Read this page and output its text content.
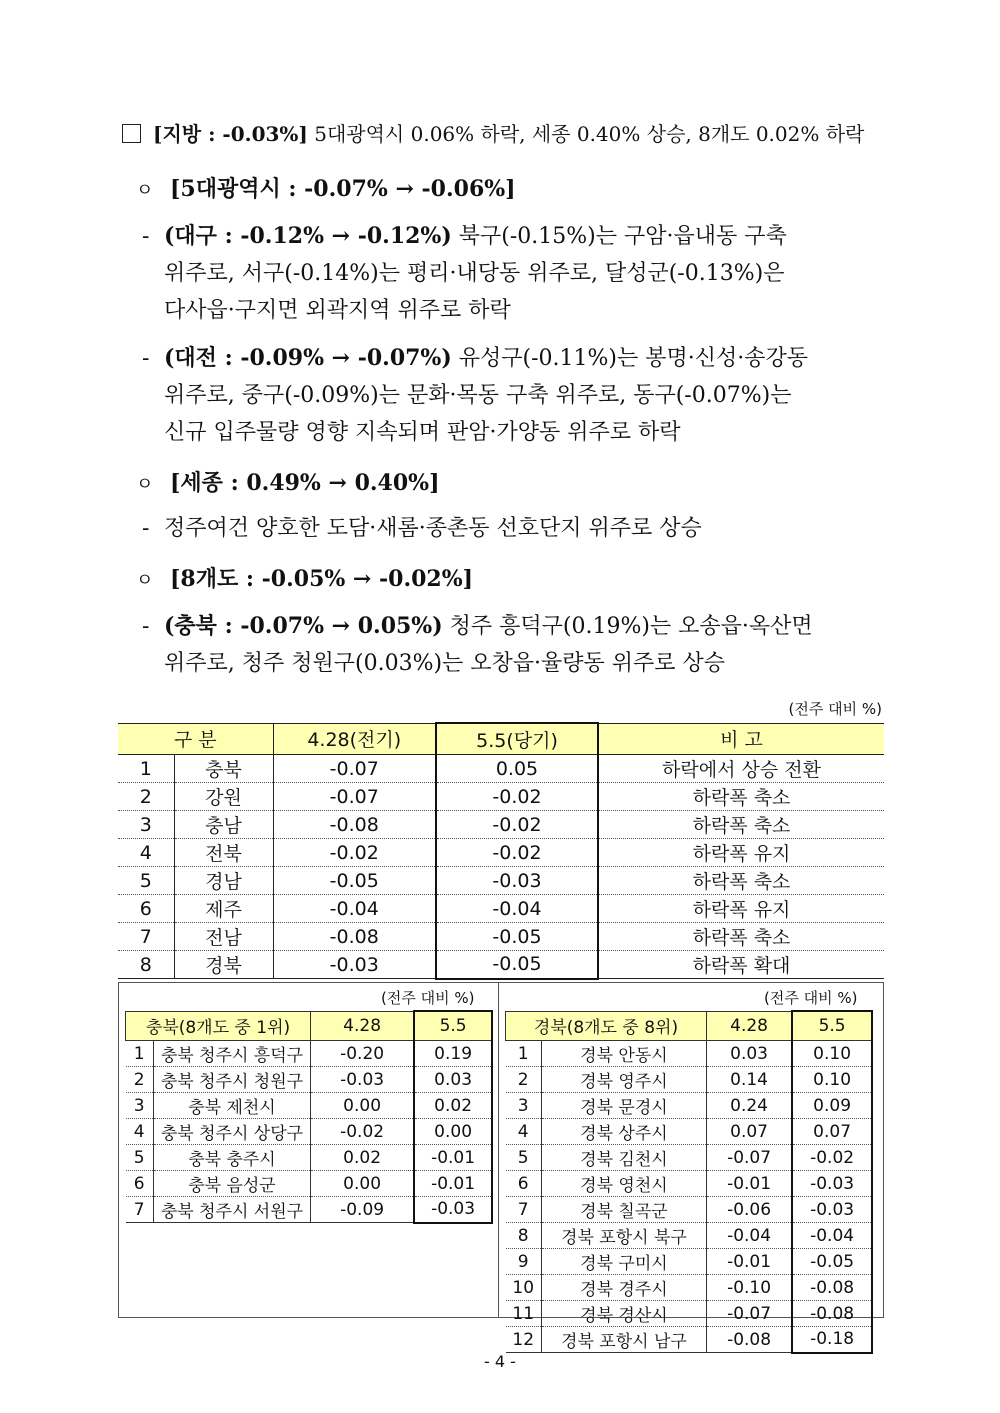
[지방 : -0.03%] 5대광역시 0.06% 하락, 세종 0.40% 상승, 8개도 0.02% 하락
ㅇ [5대광역시 : -0.07% → -0.06%]
- (대구 : -0.12% → -0.12%) 북구(-0.15%)는 구암·읍내동 구축
위주로, 서구(-0.14%)는 평리·내당동 위주로, 달성군(-0.13%)은
다사읍·구지면 외곽지역 위주로 하락
- (대전 : -0.09% → -0.07%) 유성구(-0.11%)는 봉명·신성·송강동
위주로, 중구(-0.09%)는 문화·목동 구축 위주로, 동구(-0.07%)는
신규 입주물량 영향 지속되며 판암·가양동 위주로 하락
ㅇ [세종 : 0.49% → 0.40%]
- 정주여건 양호한 도담·새롬·종촌동 선호단지 위주로 상승
ㅇ [8개도 : -0.05% → -0.02%]
- (충북 : -0.07% → 0.05%) 청주 흥덕구(0.19%)는 오송읍·옥산면
위주로, 청주 청원구(0.03%)는 오창읍·율량동 위주로 상승
(전주 대비 %)
구 분		4.28(전기)	5.5(당기)	비 고
1	충북	-0.07	0.05	하락에서 상승 전환
2	강원	-0.07	-0.02	하락폭 축소
3	충남	-0.08	-0.02	하락폭 축소
4	전북	-0.02	-0.02	하락폭 유지
5	경남	-0.05	-0.03	하락폭 축소
6	제주	-0.04	-0.04	하락폭 유지
7	전남	-0.08	-0.05	하락폭 축소
8	경북	-0.03	-0.05	하락폭 확대
(전주 대비 %)
충북(8개도 중 1위)		4.28	5.5
1	충북 청주시 흥덕구	-0.20	0.19
2	충북 청주시 청원구	-0.03	0.03
3	충북 제천시	0.00	0.02
4	충북 청주시 상당구	-0.02	0.00
5	충북 충주시	0.02	-0.01
6	충북 음성군	0.00	-0.01
7	충북 청주시 서원구	-0.09	-0.03
(전주 대비 %)
경북(8개도 중 8위)		4.28	5.5
1	경북 안동시	0.03	0.10
2	경북 영주시	0.14	0.10
3	경북 문경시	0.24	0.09
4	경북 상주시	0.07	0.07
5	경북 김천시	-0.07	-0.02
6	경북 영천시	-0.01	-0.03
7	경북 칠곡군	-0.06	-0.03
8	경북 포항시 북구	-0.04	-0.04
9	경북 구미시	-0.01	-0.05
10	경북 경주시	-0.10	-0.08
11	경북 경산시	-0.07	-0.08
12	경북 포항시 남구	-0.08	-0.18
- 4 -
